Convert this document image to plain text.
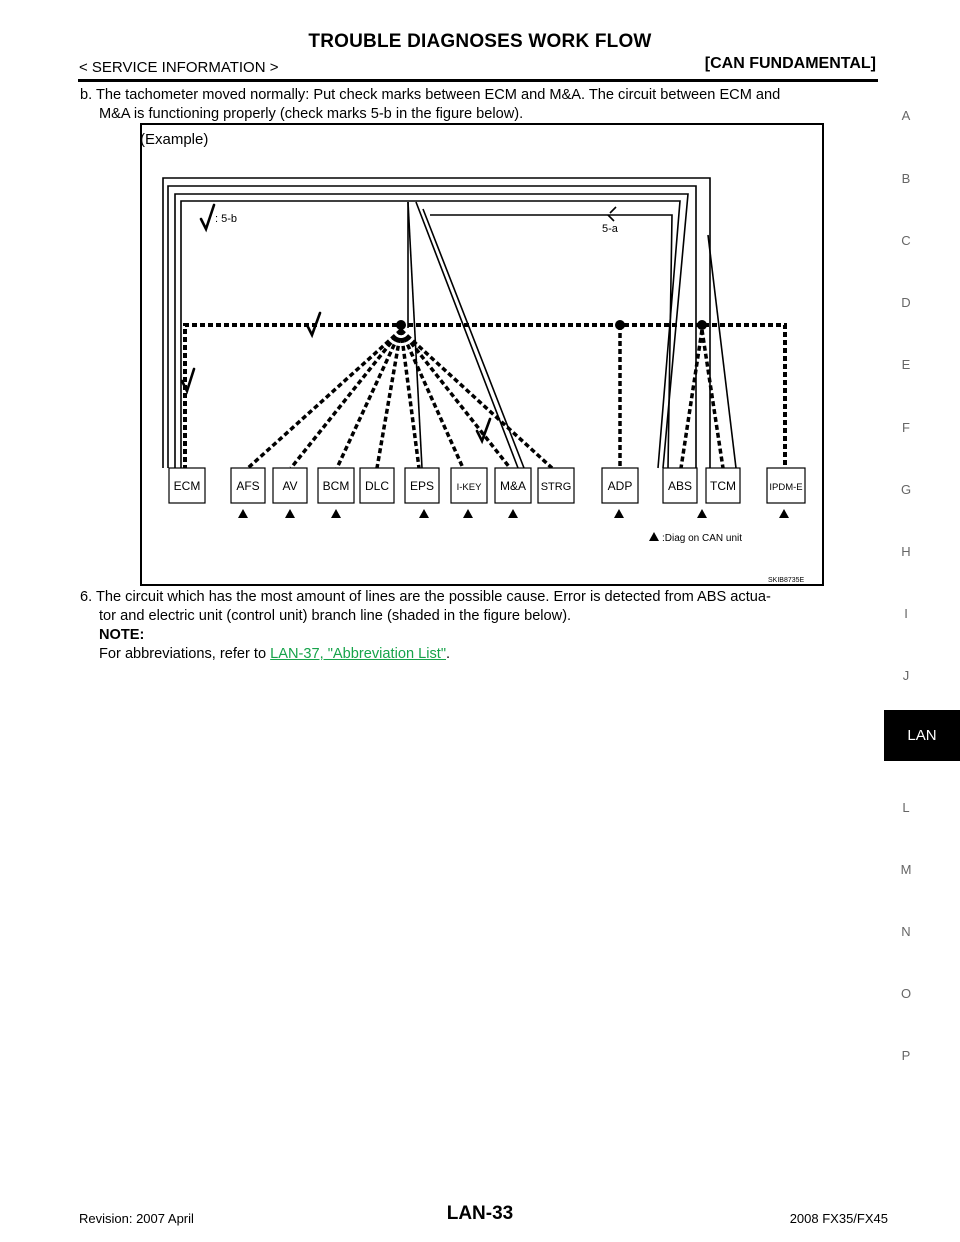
TROUBLE DIAGNOSES WORK FLOW
< SERVICE INFORMATION >	[CAN FUNDAMENTAL]
b. The tachometer moved normally: Put check marks between ECM and M&A. The circuit between ECM and
M&A is functioning properly (check marks 5-b in the figure below).
(Example)
: 5-b
5-a
ECM	AFS AV BCM DLC EPS I-KEY M&A STRG	ADP	ABS TCM	IPDM-E
:Diag on CAN unit
SKIB8735E
6. The circuit which has the most amount of lines are the possible cause. Error is detected from ABS actua-
tor and electric unit (control unit) branch line (shaded in the figure below).
NOTE:
For abbreviations, refer to LAN-37, "Abbreviation List".
A
B
C
D
E
F
G
H
I
J
L
M
N
O
P
LAN
Revision: 2007 April	LAN-33	2008 FX35/FX45
